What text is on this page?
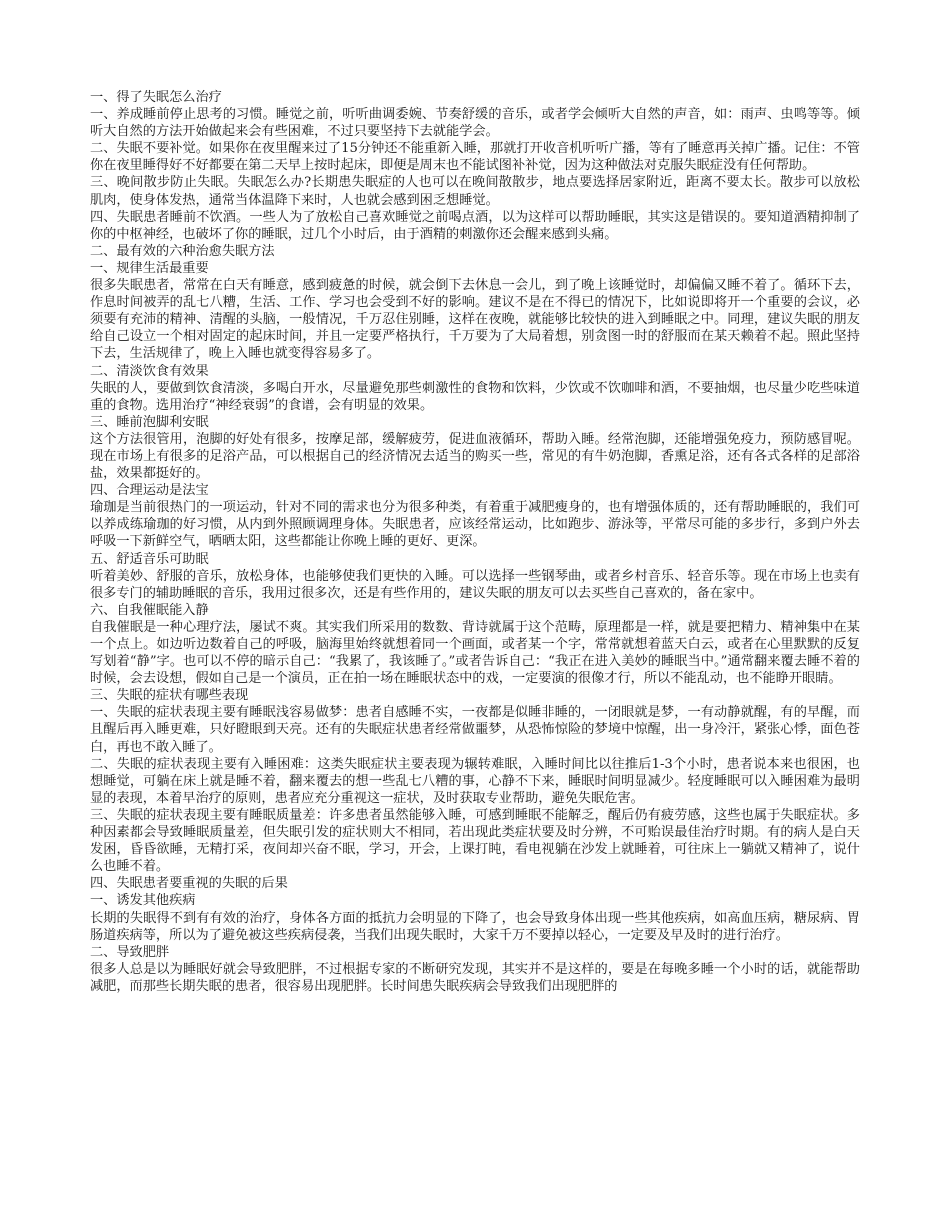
一、得了失眠怎么治疗

一、养成睡前停止思考的习惯。睡觉之前，听听曲调委婉、节奏舒缓的音乐，或者学会倾听大自然的声音，如：雨声、虫鸣等等。倾听大自然的方法开始做起来会有些困难，不过只要坚持下去就能学会。

二、失眠不要补觉。如果你在夜里醒来过了15分钟还不能重新入睡，那就打开收音机听听广播，等有了睡意再关掉广播。记住：不管你在夜里睡得好不好都要在第二天早上按时起床，即便是周末也不能试图补补觉，因为这种做法对克服失眠症没有任何帮助。

三、晚间散步防止失眠。失眠怎么办?长期患失眠症的人也可以在晚间散散步，地点要选择居家附近，距离不要太长。散步可以放松肌肉，使身体发热，通常当体温降下来时，人也就会感到困乏想睡觉。

四、失眠患者睡前不饮酒。一些人为了放松自己喜欢睡觉之前喝点酒，以为这样可以帮助睡眠，其实这是错误的。要知道酒精抑制了你的中枢神经，也破坏了你的睡眠，过几个小时后，由于酒精的刺激你还会醒来感到头痛。

二、最有效的六种治愈失眠方法

一、规律生活最重要

很多失眠患者，常常在白天有睡意，感到疲惫的时候，就会倒下去休息一会儿，到了晚上该睡觉时，却偏偏又睡不着了。循环下去，作息时间被弄的乱七八糟，生活、工作、学习也会受到不好的影响。建议不是在不得已的情况下，比如说即将开一个重要的会议，必须要有充沛的精神、清醒的头脑，一般情况，千万忍住别睡，这样在夜晚，就能够比较快的进入到睡眠之中。同理，建议失眠的朋友给自己设立一个相对固定的起床时间，并且一定要严格执行，千万要为了大局着想，别贪图一时的舒服而在某天赖着不起。照此坚持下去，生活规律了，晚上入睡也就变得容易多了。

二、清淡饮食有效果

失眠的人，要做到饮食清淡，多喝白开水，尽量避免那些刺激性的食物和饮料，少饮或不饮咖啡和酒，不要抽烟，也尽量少吃些味道重的食物。选用治疗“神经衰弱”的食谱，会有明显的效果。

三、睡前泡脚利安眠

这个方法很管用，泡脚的好处有很多，按摩足部，缓解疲劳，促进血液循环，帮助入睡。经常泡脚，还能增强免疫力，预防感冒呢。现在市场上有很多的足浴产品，可以根据自己的经济情况去适当的购买一些，常见的有牛奶泡脚，香熏足浴，还有各式各样的足部浴盐，效果都挺好的。

四、合理运动是法宝

瑜珈是当前很热门的一项运动，针对不同的需求也分为很多种类，有着重于减肥瘦身的，也有增强体质的，还有帮助睡眠的，我们可以养成练瑜珈的好习惯，从内到外照顾调理身体。失眠患者，应该经常运动，比如跑步、游泳等，平常尽可能的多步行，多到户外去呼吸一下新鲜空气，晒晒太阳，这些都能让你晚上睡的更好、更深。

五、舒适音乐可助眠

听着美妙、舒服的音乐，放松身体，也能够使我们更快的入睡。可以选择一些钢琴曲，或者乡村音乐、轻音乐等。现在市场上也卖有很多专门的辅助睡眠的音乐，我用过很多次，还是有些作用的，建议失眠的朋友可以去买些自己喜欢的，备在家中。

六、自我催眠能入静

自我催眠是一种心理疗法，屡试不爽。其实我们所采用的数数、背诗就属于这个范畴，原理都是一样，就是要把精力、精神集中在某一个点上。如边听边数着自己的呼吸，脑海里始终就想着同一个画面，或者某一个字，常常就想着蓝天白云，或者在心里默默的反复写划着“静”字。也可以不停的暗示自己：“我累了，我该睡了。”或者告诉自己：“我正在进入美妙的睡眠当中。”通常翻来覆去睡不着的时候，会去设想，假如自己是一个演员，正在拍一场在睡眠状态中的戏，一定要演的很像才行，所以不能乱动，也不能睁开眼睛。

三、失眠的症状有哪些表现

一、失眠的症状表现主要有睡眠浅容易做梦：患者自感睡不实，一夜都是似睡非睡的，一闭眼就是梦，一有动静就醒，有的早醒，而且醒后再入睡更难，只好瞪眼到天亮。还有的失眠症状患者经常做噩梦，从恐怖惊险的梦境中惊醒，出一身冷汗，紧张心悸，面色苍白，再也不敢入睡了。

二、失眠的症状表现主要有入睡困难：这类失眠症状主要表现为辗转难眠，入睡时间比以往推后1-3个小时，患者说本来也很困，也想睡觉，可躺在床上就是睡不着，翻来覆去的想一些乱七八糟的事，心静不下来，睡眠时间明显减少。轻度睡眠可以入睡困难为最明显的表现，本着早治疗的原则，患者应充分重视这一症状，及时获取专业帮助，避免失眠危害。

三、失眠的症状表现主要有睡眠质量差：许多患者虽然能够入睡，可感到睡眠不能解乏，醒后仍有疲劳感，这些也属于失眠症状。多种因素都会导致睡眠质量差，但失眠引发的症状则大不相同，若出现此类症状要及时分辨，不可贻误最佳治疗时期。有的病人是白天发困，昏昏欲睡，无精打采，夜间却兴奋不眠，学习，开会，上课打盹，看电视躺在沙发上就睡着，可往床上一躺就又精神了，说什么也睡不着。

四、失眠患者要重视的失眠的后果

一、诱发其他疾病

长期的失眠得不到有有效的治疗，身体各方面的抵抗力会明显的下降了，也会导致身体出现一些其他疾病，如高血压病，糖尿病、胃肠道疾病等，所以为了避免被这些疾病侵袭，当我们出现失眠时，大家千万不要掉以轻心，一定要及早及时的进行治疗。

二、导致肥胖

很多人总是以为睡眠好就会导致肥胖，不过根据专家的不断研究发现，其实并不是这样的，要是在每晚多睡一个小时的话，就能帮助减肥，而那些长期失眠的患者，很容易出现肥胖。长时间患失眠疾病会导致我们出现肥胖的
